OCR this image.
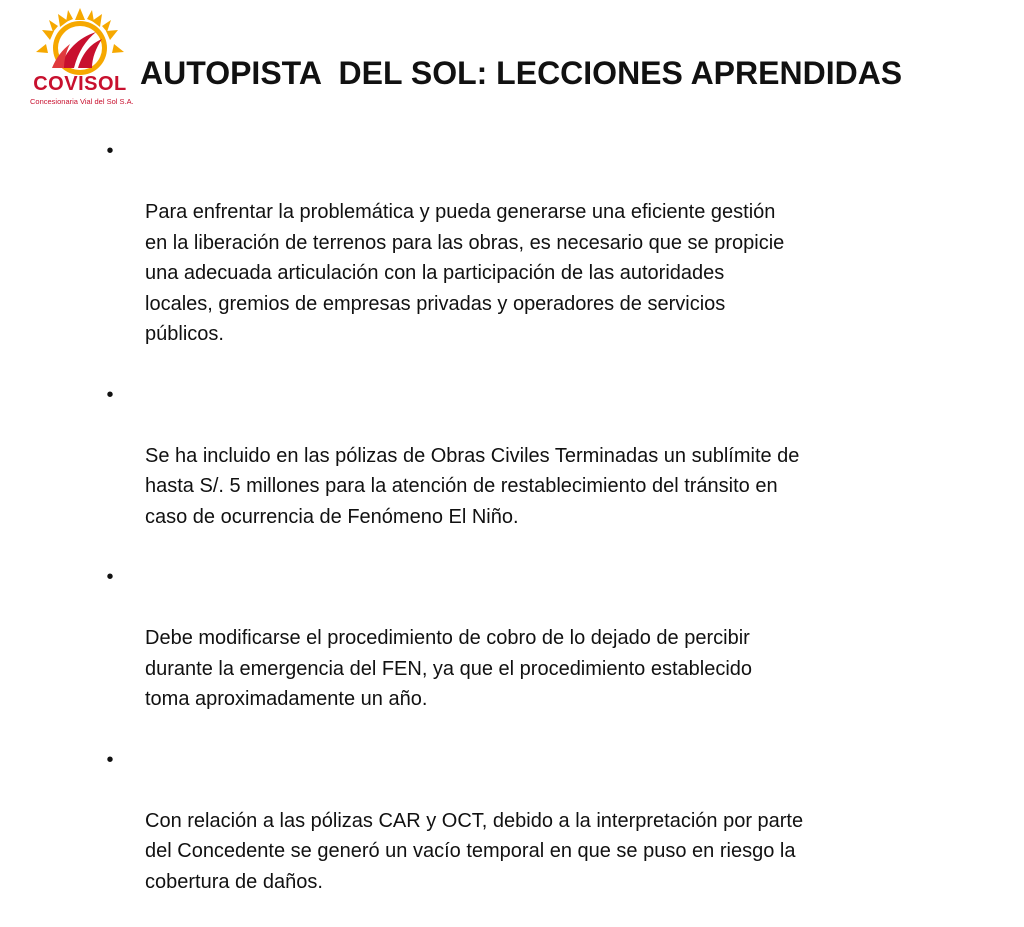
COVISOL
Concesionaria Vial del Sol S.A.
AUTOPISTA  DEL SOL: LECCIONES APRENDIDAS

•

Para enfrentar la problemática y pueda generarse una eficiente gestión
en la liberación de terrenos para las obras, es necesario que se propicie
una adecuada articulación con la participación de las autoridades
locales, gremios de empresas privadas y operadores de servicios
públicos.

•

Se ha incluido en las pólizas de Obras Civiles Terminadas un sublímite de
hasta S/. 5 millones para la atención de restablecimiento del tránsito en
caso de ocurrencia de Fenómeno El Niño.

•

Debe modificarse el procedimiento de cobro de lo dejado de percibir
durante la emergencia del FEN, ya que el procedimiento establecido
toma aproximadamente un año.

•

Con relación a las pólizas CAR y OCT, debido a la interpretación por parte
del Concedente se generó un vacío temporal en que se puso en riesgo la
cobertura de daños.
